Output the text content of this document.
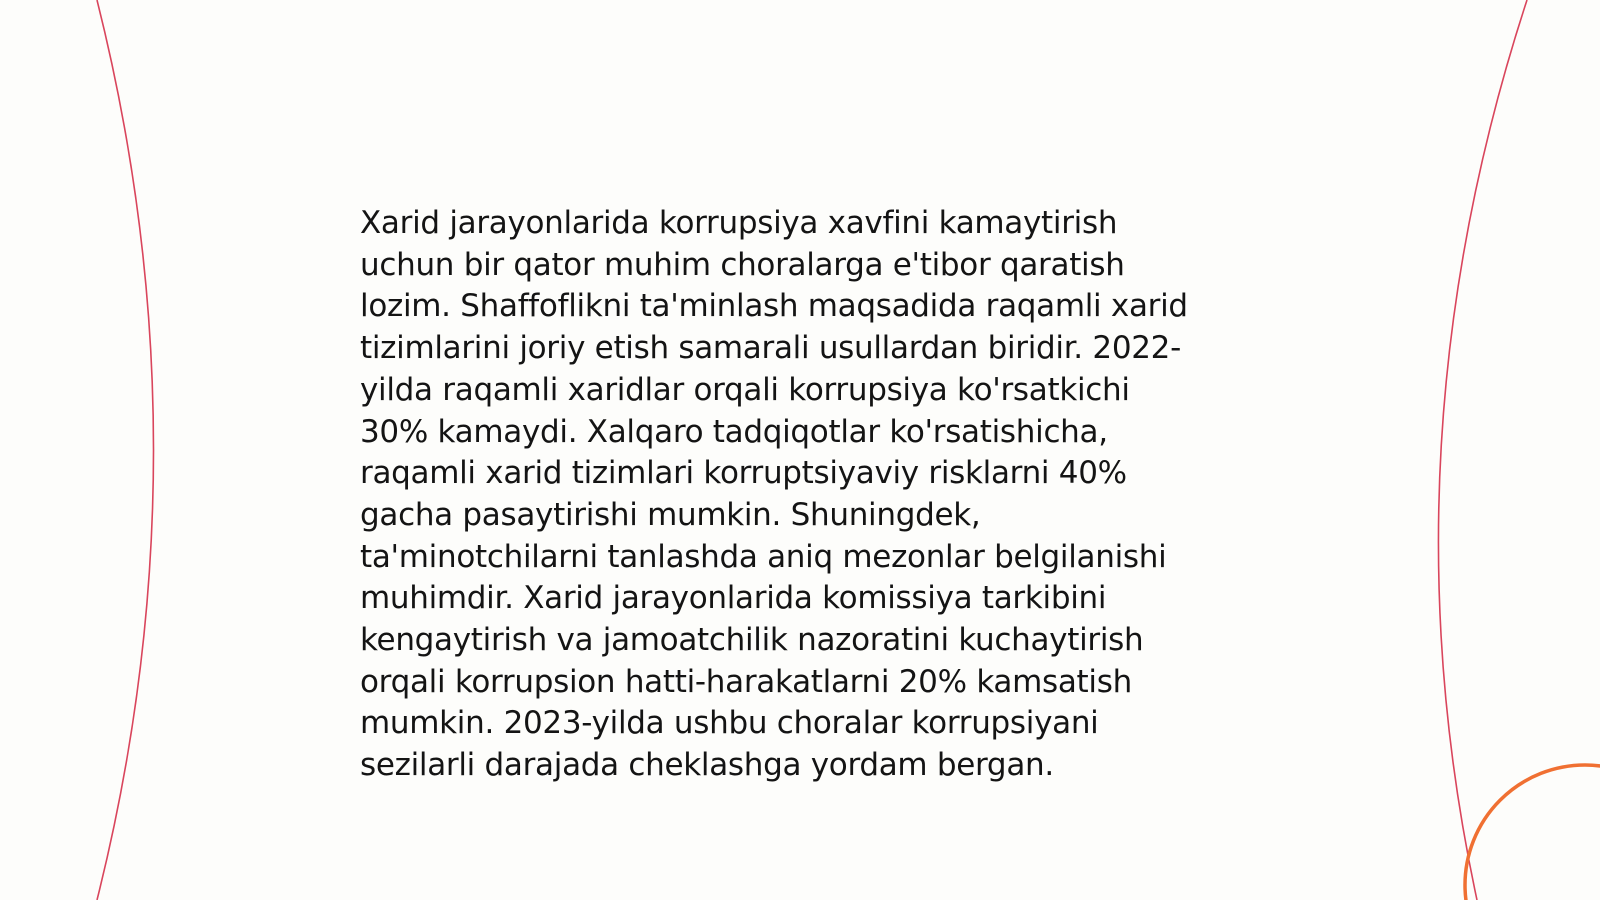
Xarid jarayonlarida korrupsiya xavfini kamaytirish
uchun bir qator muhim choralarga e'tibor qaratish
lozim. Shaffoflikni ta'minlash maqsadida raqamli xarid
tizimlarini joriy etish samarali usullardan biridir. 2022-
yilda raqamli xaridlar orqali korrupsiya ko'rsatkichi
30% kamaydi. Xalqaro tadqiqotlar ko'rsatishicha,
raqamli xarid tizimlari korruptsiyaviy risklarni 40%
gacha pasaytirishi mumkin. Shuningdek,
ta'minotchilarni tanlashda aniq mezonlar belgilanishi
muhimdir. Xarid jarayonlarida komissiya tarkibini
kengaytirish va jamoatchilik nazoratini kuchaytirish
orqali korrupsion hatti-harakatlarni 20% kamsatish
mumkin. 2023-yilda ushbu choralar korrupsiyani
sezilarli darajada cheklashga yordam bergan.
